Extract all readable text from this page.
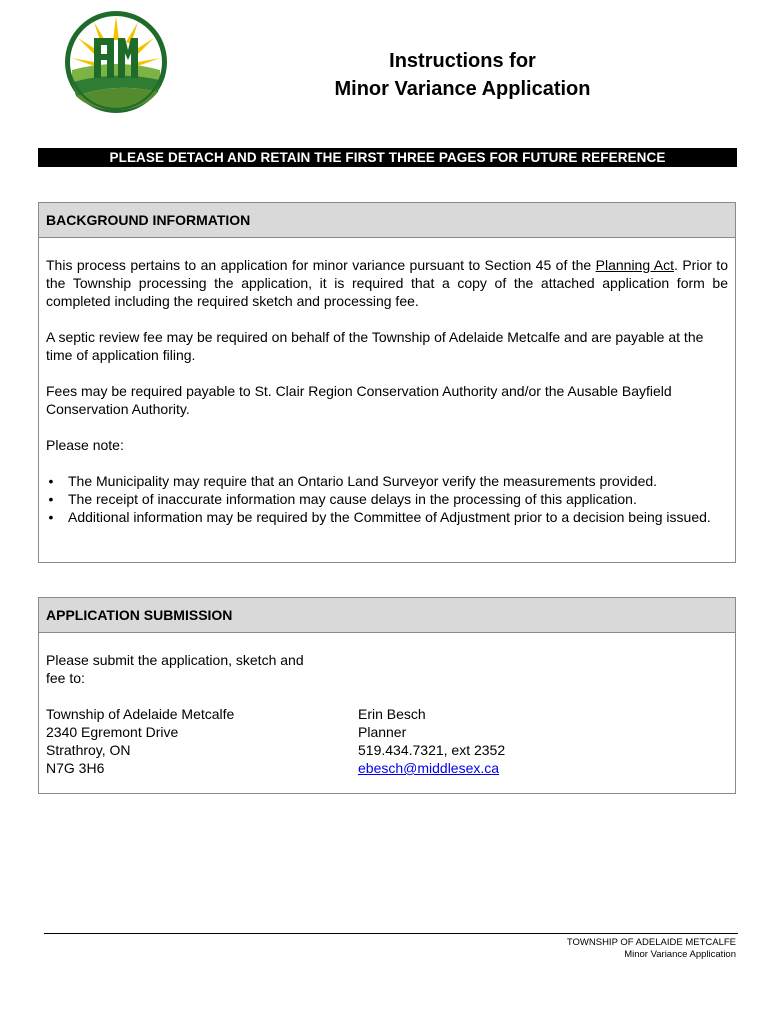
Instructions for
Minor Variance Application
PLEASE DETACH AND RETAIN THE FIRST THREE PAGES FOR FUTURE REFERENCE
BACKGROUND INFORMATION

This process pertains to an application for minor variance pursuant to Section 45 of the Planning Act. Prior to the Township processing the application, it is required that a copy of the attached application form be completed including the required sketch and processing fee.

A septic review fee may be required on behalf of the Township of Adelaide Metcalfe and are payable at the time of application filing.

Fees may be required payable to St. Clair Region Conservation Authority and/or the Ausable Bayfield Conservation Authority.

Please note:

• The Municipality may require that an Ontario Land Surveyor verify the measurements provided.
• The receipt of inaccurate information may cause delays in the processing of this application.
• Additional information may be required by the Committee of Adjustment prior to a decision being issued.
APPLICATION SUBMISSION
Please submit the application, sketch and
fee to:
Township of Adelaide Metcalfe
2340 Egremont Drive
Strathroy, ON
N7G 3H6
Erin Besch
Planner
519.434.7321, ext 2352
ebesch@middlesex.ca
TOWNSHIP OF ADELAIDE METCALFE
Minor Variance Application
